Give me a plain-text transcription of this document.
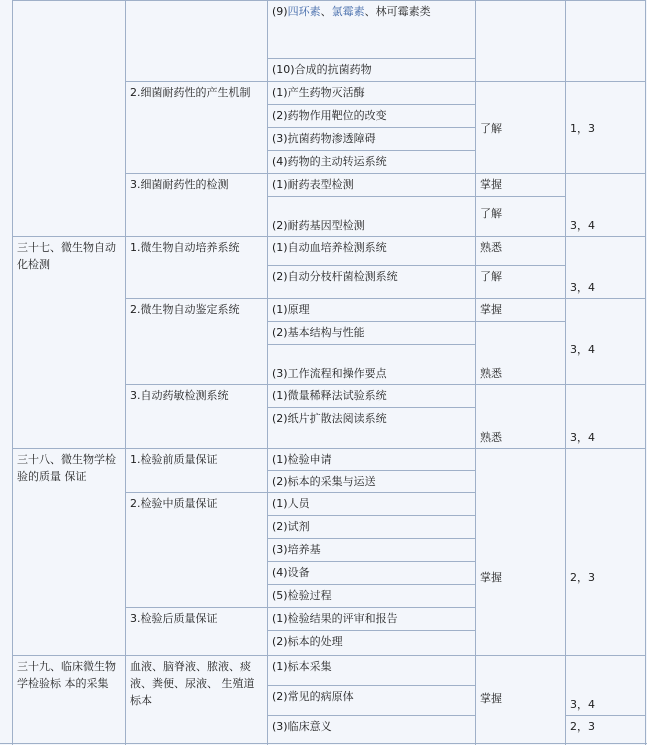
三十七、微生物自动化检测
三十八、微生物学检验的质量 保证
三十九、临床微生物学检验标 本的采集
2.细菌耐药性的产生机制
3.细菌耐药性的检测
1.微生物自动培养系统
2.微生物自动鉴定系统
3.自动药敏检测系统
1.检验前质量保证
2.检验中质量保证
3.检验后质量保证
血液、脑脊液、脓液、痰液、粪便、尿液、 生殖道标本
(9)四环素、氯霉素、林可霉素类
(10)合成的抗菌药物
(1)产生药物灭活酶
(2)药物作用靶位的改变
(3)抗菌药物渗透障碍
(4)药物的主动转运系统
(1)耐药表型检测
(2)耐药基因型检测
(1)自动血培养检测系统
(2)自动分枝杆菌检测系统
(1)原理
(2)基本结构与性能
(3)工作流程和操作要点
(1)微量稀释法试验系统
(2)纸片扩散法阅读系统
(1)检验申请
(2)标本的采集与运送
(1)人员
(2)试剂
(3)培养基
(4)设备
(5)检验过程
(1)检验结果的评审和报告
(2)标本的处理
(1)标本采集
(2)常见的病原体
(3)临床意义
了解
掌握
了解
熟悉
了解
掌握
熟悉
熟悉
掌握
掌握
1，3
3，4
3，4
3，4
3，4
2，3
3，4
2，3
